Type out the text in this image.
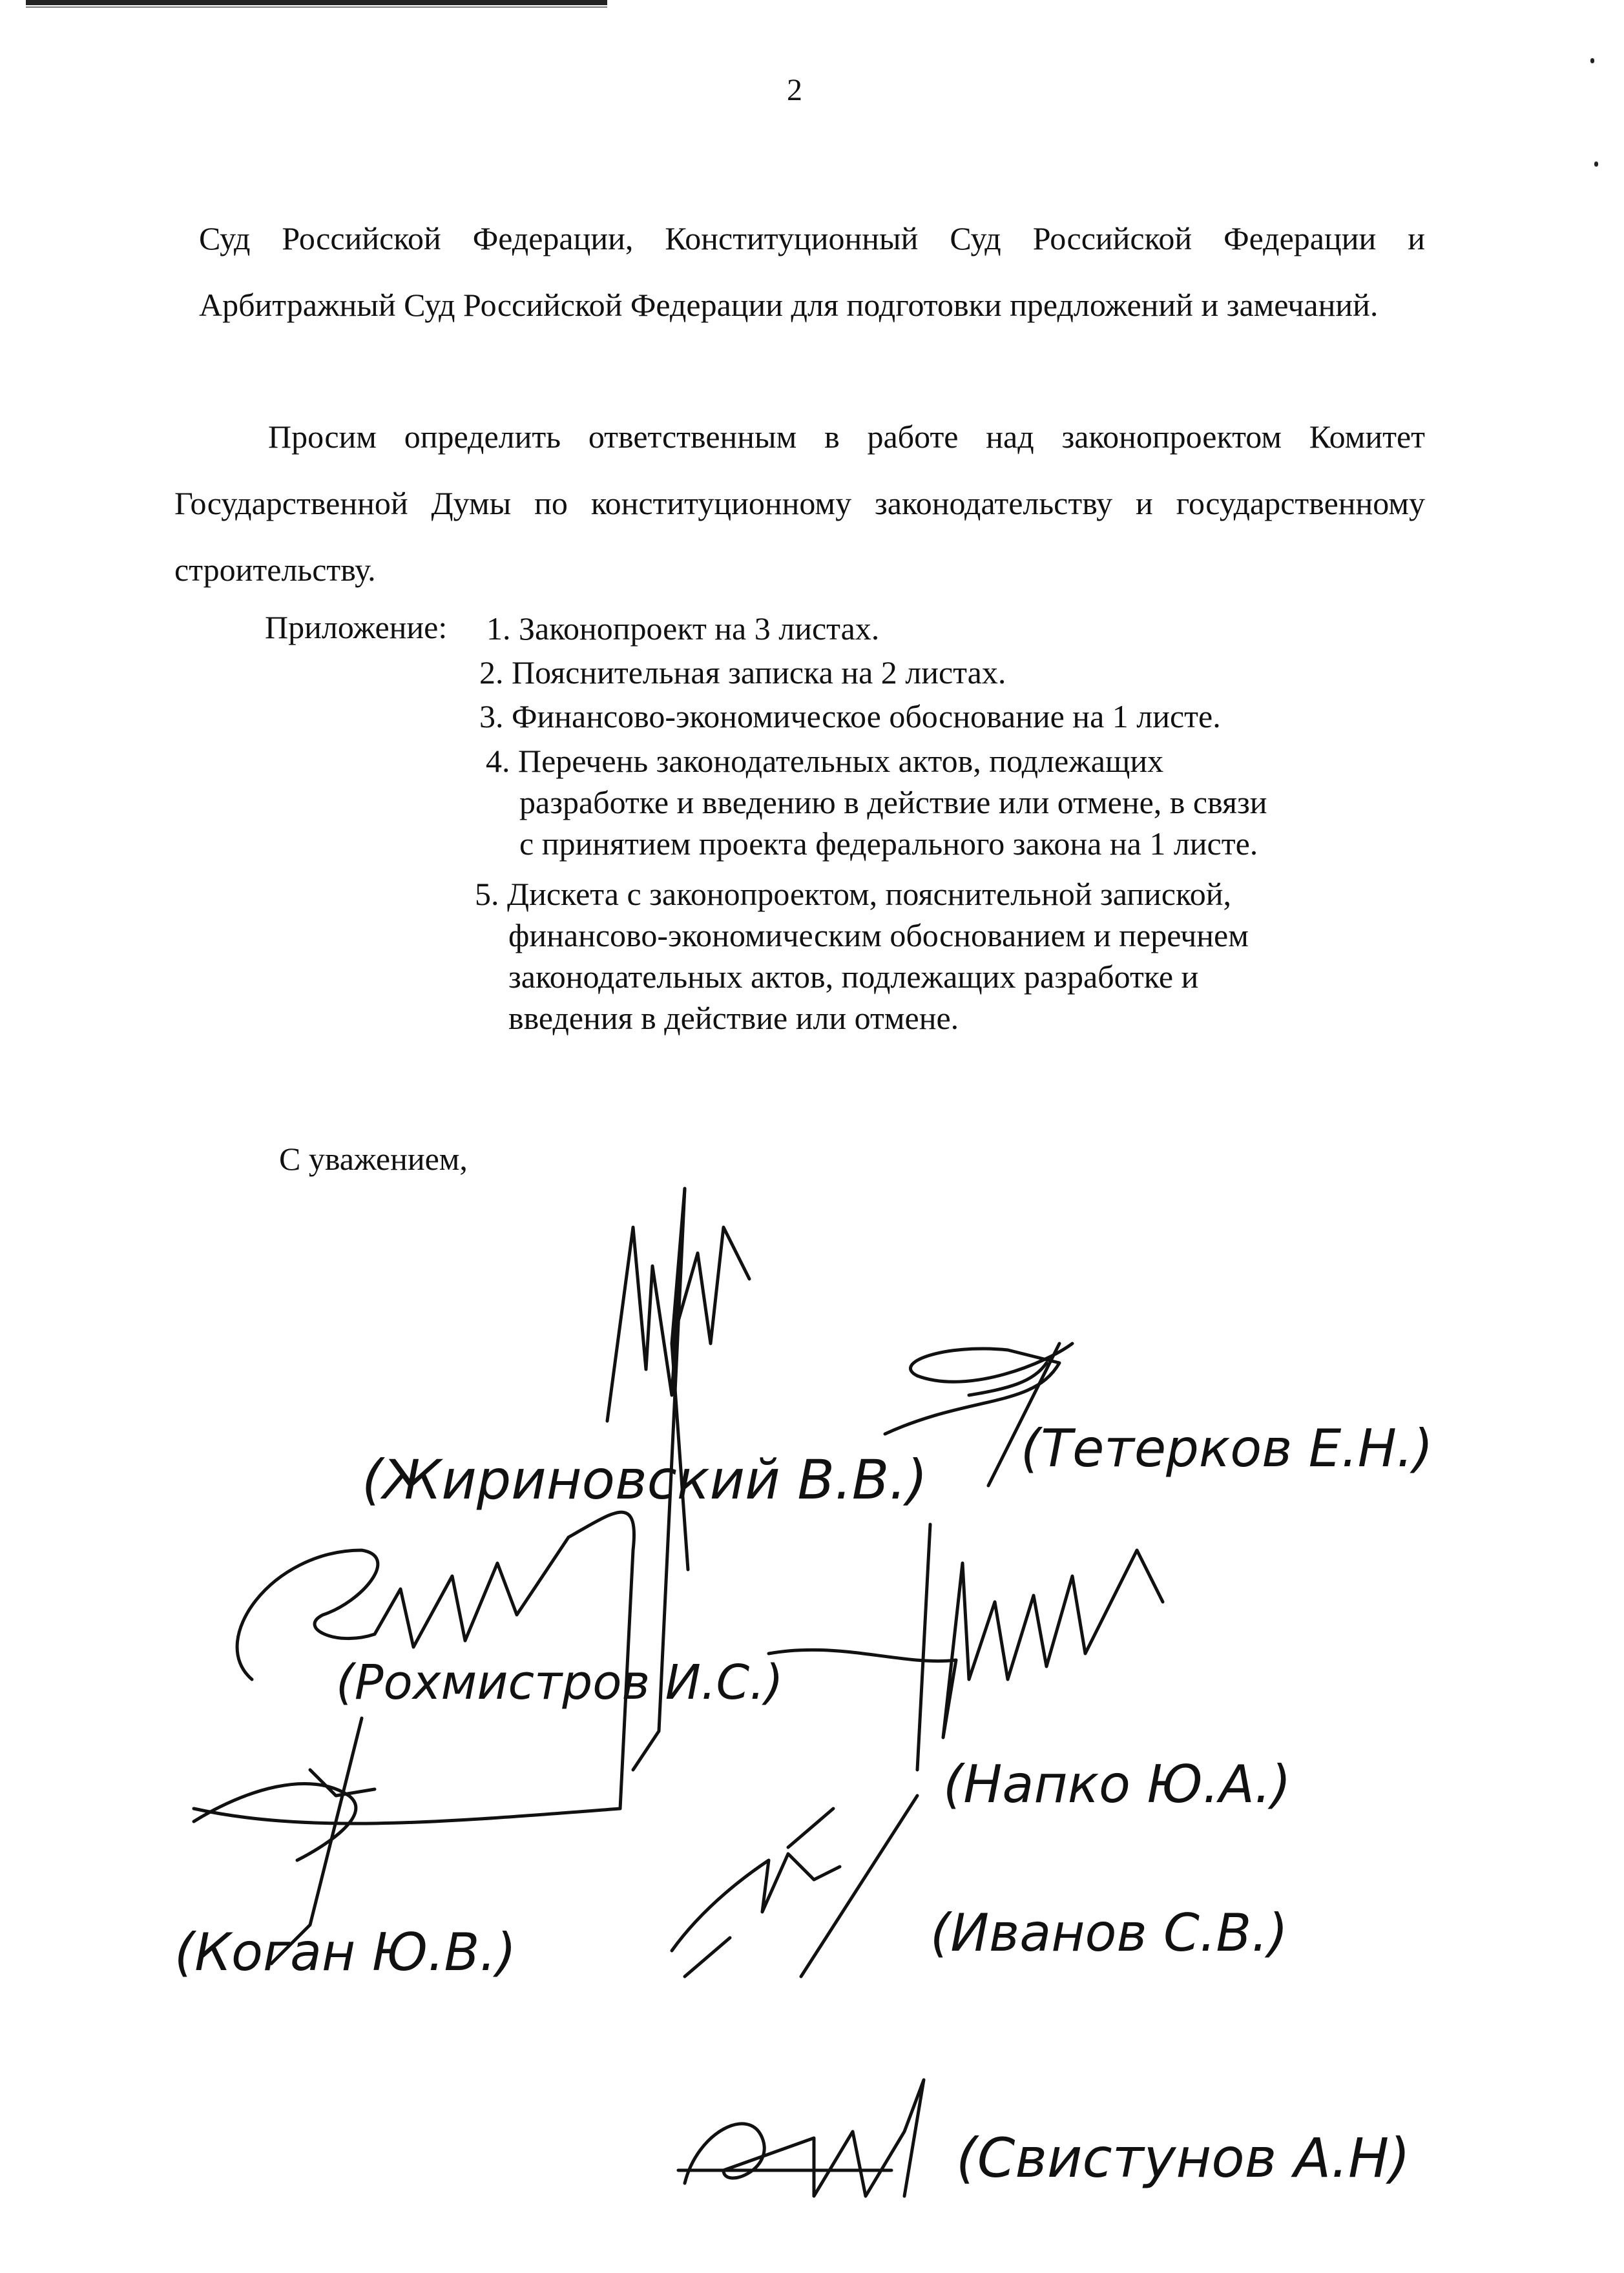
2

Суд Российской Федерации, Конституционный Суд Российской Федерации и Арбитражный Суд Российской Федерации для подготовки предложений и замечаний.

Просим определить ответственным в работе над законопроектом Комитет Государственной Думы по конституционному законодательству и государственному строительству.

Приложение: 1. Законопроект на 3 листах.
2. Пояснительная записка на 2 листах.
3. Финансово-экономическое обоснование на 1 листе.
4. Перечень законодательных актов, подлежащих
разработке и введению в действие или отмене, в связи
с принятием проекта федерального закона на 1 листе.
5. Дискета с законопроектом, пояснительной запиской,
финансово-экономическим обоснованием и перечнем
законодательных актов, подлежащих разработке и
введения в действие или отмене.
С уважением,
(Жириновский В.В.) (Тетерков Е.Н.)
(Рохмистров И.С.)
(Напко Ю.А.)
(Коган Ю.В.)	(Иванов С.В.)
(Свистунов А.Н)
